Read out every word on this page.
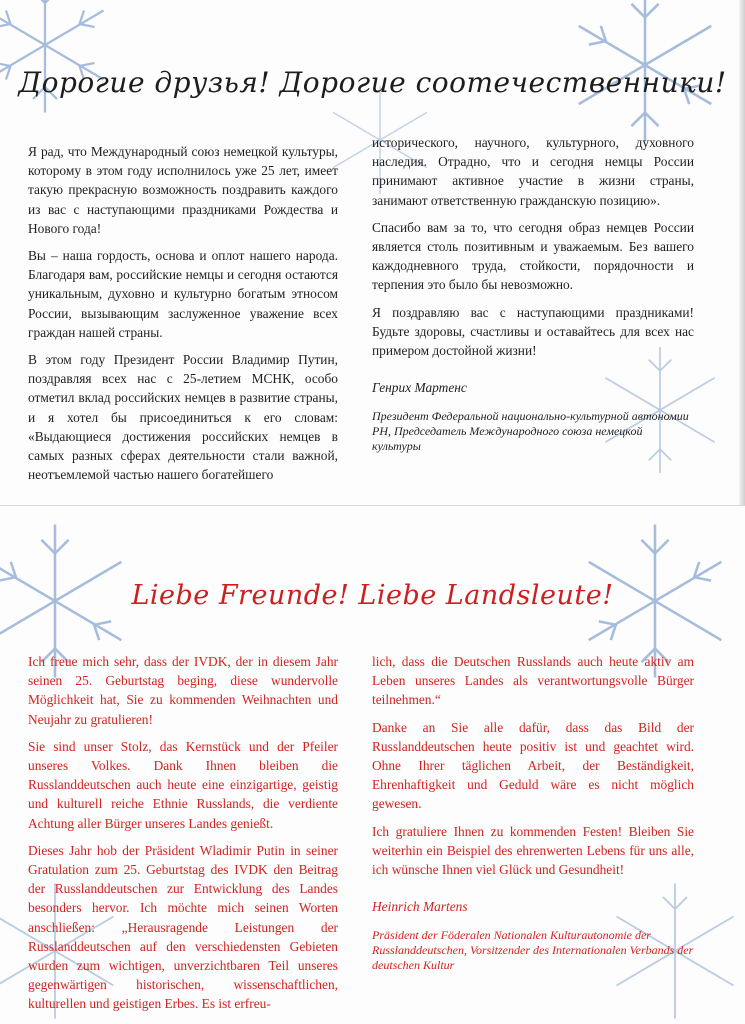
Дорогие друзья! Дорогие соотечественники!

Я рад, что Международный союз немецкой культуры, которому в этом году исполнилось уже 25 лет, имеет такую прекрасную возможность поздравить каждого из вас с наступающими праздниками Рождества и Нового года!

Вы – наша гордость, основа и оплот нашего народа. Благодаря вам, российские немцы и сегодня остаются уникальным, духовно и культурно богатым этносом России, вызывающим заслуженное уважение всех граждан нашей страны.

В этом году Президент России Владимир Путин, поздравляя всех нас с 25-летием МСНК, особо отметил вклад российских немцев в развитие страны, и я хотел бы присоединиться к его словам: «Выдающиеся достижения российских немцев в самых разных сферах деятельности стали важной, неотъемлемой частью нашего богатейшего

исторического, научного, культурного, духовного наследия. Отрадно, что и сегодня немцы России принимают активное участие в жизни страны, занимают ответственную гражданскую позицию».

Спасибо вам за то, что сегодня образ немцев России является столь позитивным и уважаемым. Без вашего каждодневного труда, стойкости, порядочности и терпения это было бы невозможно.

Я поздравляю вас с наступающими праздниками! Будьте здоровы, счастливы и оставайтесь для всех нас примером достойной жизни!

Генрих Мартенс

Президент Федеральной национально-культурной автономии РН, Председатель Международного союза немецкой культуры

Liebe Freunde! Liebe Landsleute!

Ich freue mich sehr, dass der IVDK, der in diesem Jahr seinen 25. Geburtstag beging, diese wundervolle Möglichkeit hat, Sie zu kommenden Weihnachten und Neujahr zu gratulieren!

Sie sind unser Stolz, das Kernstück und der Pfeiler unseres Volkes. Dank Ihnen bleiben die Russlanddeutschen auch heute eine einzigartige, geistig und kulturell reiche Ethnie Russlands, die verdiente Achtung aller Bürger unseres Landes genießt.

Dieses Jahr hob der Präsident Wladimir Putin in seiner Gratulation zum 25. Geburtstag des IVDK den Beitrag der Russlanddeutschen zur Entwicklung des Landes besonders hervor. Ich möchte mich seinen Worten anschließen: „Herausragende Leistungen der Russlanddeutschen auf den verschiedensten Gebieten wurden zum wichtigen, unverzichtbaren Teil unseres gegenwärtigen historischen, wissenschaftlichen, kulturellen und geistigen Erbes. Es ist erfreu-

lich, dass die Deutschen Russlands auch heute aktiv am Leben unseres Landes als verantwortungsvolle Bürger teilnehmen.“

Danke an Sie alle dafür, dass das Bild der Russlanddeutschen heute positiv ist und geachtet wird. Ohne Ihrer täglichen Arbeit, der Beständigkeit, Ehrenhaftigkeit und Geduld wäre es nicht möglich gewesen.

Ich gratuliere Ihnen zu kommenden Festen! Bleiben Sie weiterhin ein Beispiel des ehrenwerten Lebens für uns alle, ich wünsche Ihnen viel Glück und Gesundheit!

Heinrich Martens

Präsident der Föderalen Nationalen Kulturautonomie der Russlanddeutschen, Vorsitzender des Internationalen Verbands der deutschen Kultur
